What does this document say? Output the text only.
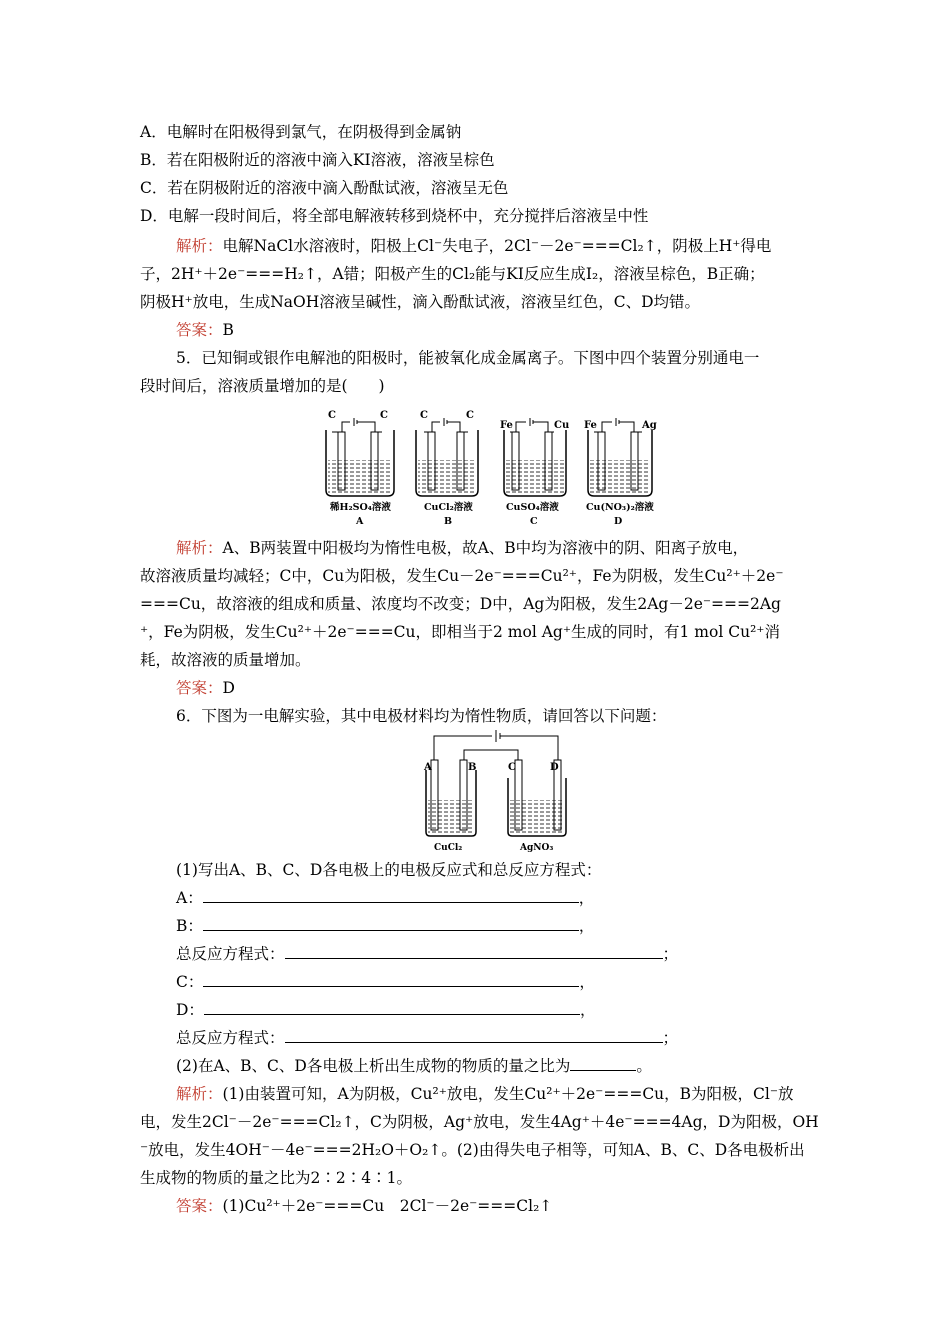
A．电解时在阳极得到氯气，在阴极得到金属钠
B．若在阳极附近的溶液中滴入KI溶液，溶液呈棕色
C．若在阴极附近的溶液中滴入酚酞试液，溶液呈无色
D．电解一段时间后，将全部电解液转移到烧杯中，充分搅拌后溶液呈中性
解析：电解NaCl水溶液时，阳极上Cl⁻失电子，2Cl⁻－2e⁻===Cl₂↑，阴极上H⁺得电
子，2H⁺＋2e⁻===H₂↑，A错；阳极产生的Cl₂能与KI反应生成I₂，溶液呈棕色，B正确；
阴极H⁺放电，生成NaOH溶液呈碱性，滴入酚酞试液，溶液呈红色，C、D均错。
答案：B
5．已知铜或银作电解池的阳极时，能被氧化成金属离子。下图中四个装置分别通电一
段时间后，溶液质量增加的是(　　)
C	C
稀H₂SO₄溶液
A
C	C
CuCl₂溶液
B
Fe	Cu
CuSO₄溶液
C
Fe	Ag
Cu(NO₃)₂溶液
D
解析：A、B两装置中阳极均为惰性电极，故A、B中均为溶液中的阴、阳离子放电，
故溶液质量均减轻；C中，Cu为阳极，发生Cu－2e⁻===Cu²⁺，Fe为阴极，发生Cu²⁺＋2e⁻
===Cu，故溶液的组成和质量、浓度均不改变；D中，Ag为阳极，发生2Ag－2e⁻===2Ag
⁺，Fe为阴极，发生Cu²⁺＋2e⁻===Cu，即相当于2 mol Ag⁺生成的同时，有1 mol Cu²⁺消
耗，故溶液的质量增加。
答案：D
6．下图为一电解实验，其中电极材料均为惰性物质，请回答以下问题：
A	B	C	D
CuCl₂	AgNO₃
(1)写出A、B、C、D各电极上的电极反应式和总反应方程式：
A：	，
B：	，
总反应方程式：	；
C：	，
D：	，
总反应方程式：	；
(2)在A、B、C、D各电极上析出生成物的物质的量之比为	。
解析：(1)由装置可知，A为阴极，Cu²⁺放电，发生Cu²⁺＋2e⁻===Cu，B为阳极，Cl⁻放
电，发生2Cl⁻－2e⁻===Cl₂↑，C为阴极，Ag⁺放电，发生4Ag⁺＋4e⁻===4Ag，D为阳极，OH
⁻放电，发生4OH⁻－4e⁻===2H₂O＋O₂↑。(2)由得失电子相等，可知A、B、C、D各电极析出
生成物的物质的量之比为2∶2∶4∶1。
答案：(1)Cu²⁺＋2e⁻===Cu　2Cl⁻－2e⁻===Cl₂↑
